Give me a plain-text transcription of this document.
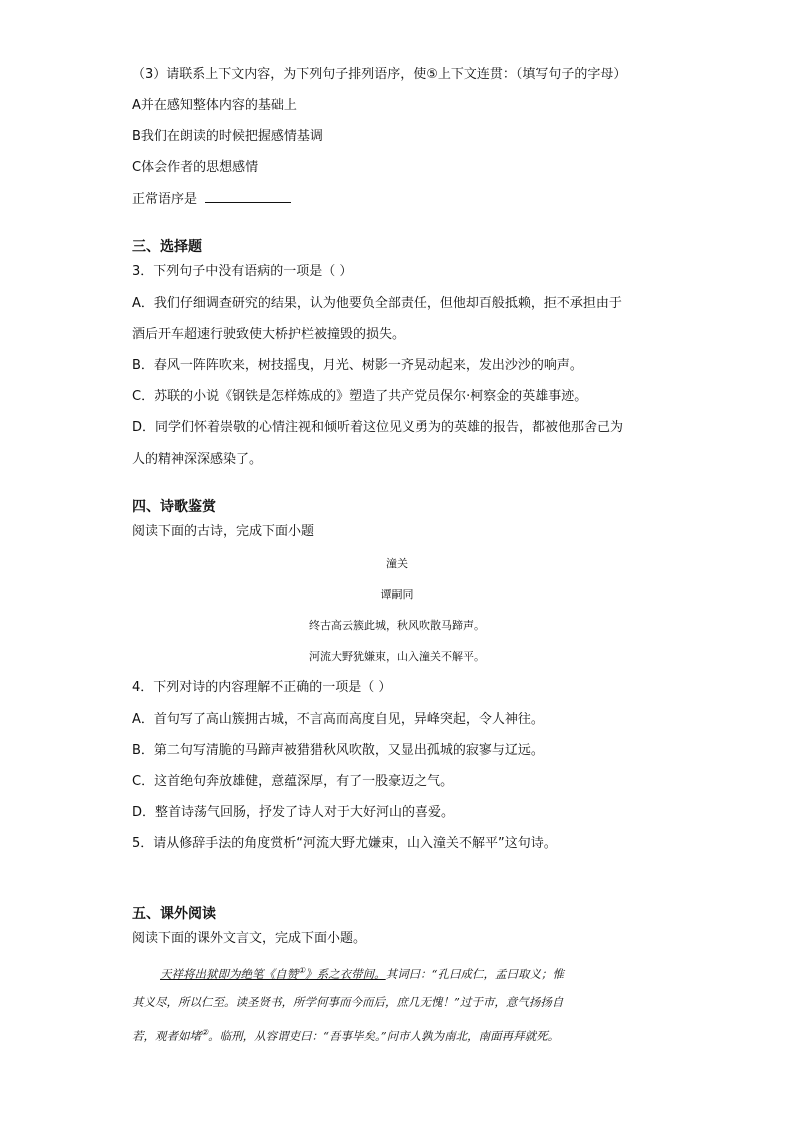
（3）请联系上下文内容，为下列句子排列语序，使⑤上下文连贯：（填写句子的字母）
A并在感知整体内容的基础上
B我们在朗读的时候把握感情基调
C体会作者的思想感情
正常语序是
三、选择题
3．下列句子中没有语病的一项是（ ）
A．我们仔细调查研究的结果，认为他要负全部责任，但他却百般抵赖，拒不承担由于
酒后开车超速行驶致使大桥护栏被撞毁的损失。
B．春风一阵阵吹来，树技摇曳，月光、树影一齐晃动起来，发出沙沙的响声。
C．苏联的小说《钢铁是怎样炼成的》塑造了共产党员保尔·柯察金的英雄事迹。
D．同学们怀着崇敬的心情注视和倾听着这位见义勇为的英雄的报告，都被他那舍己为
人的精神深深感染了。
四、诗歌鉴赏
阅读下面的古诗，完成下面小题
潼关
谭嗣同
终古高云簇此城，秋风吹散马蹄声。
河流大野犹嫌束，山入潼关不解平。
4．下列对诗的内容理解不正确的一项是（ ）
A．首句写了高山簇拥古城，不言高而高度自见，异峰突起，令人神往。
B．第二句写清脆的马蹄声被猎猎秋风吹散，又显出孤城的寂寥与辽远。
C．这首绝句奔放雄健，意蕴深厚，有了一股豪迈之气。
D．整首诗荡气回肠，抒发了诗人对于大好河山的喜爱。
5．请从修辞手法的角度赏析“河流大野尤嫌束，山入潼关不解平”这句诗。
五、课外阅读
阅读下面的课外文言文，完成下面小题。
天祥将出狱即为绝笔《自赞①》系之衣带间。其词曰：“孔曰成仁，孟曰取义；惟
其义尽，所以仁至。读圣贤书，所学何事而今而后，庶几无愧！”过于市，意气扬扬自
若，观者如堵②。临刑，从容谓吏曰：“吾事毕矣。”问市人孰为南北，南面再拜就死。
